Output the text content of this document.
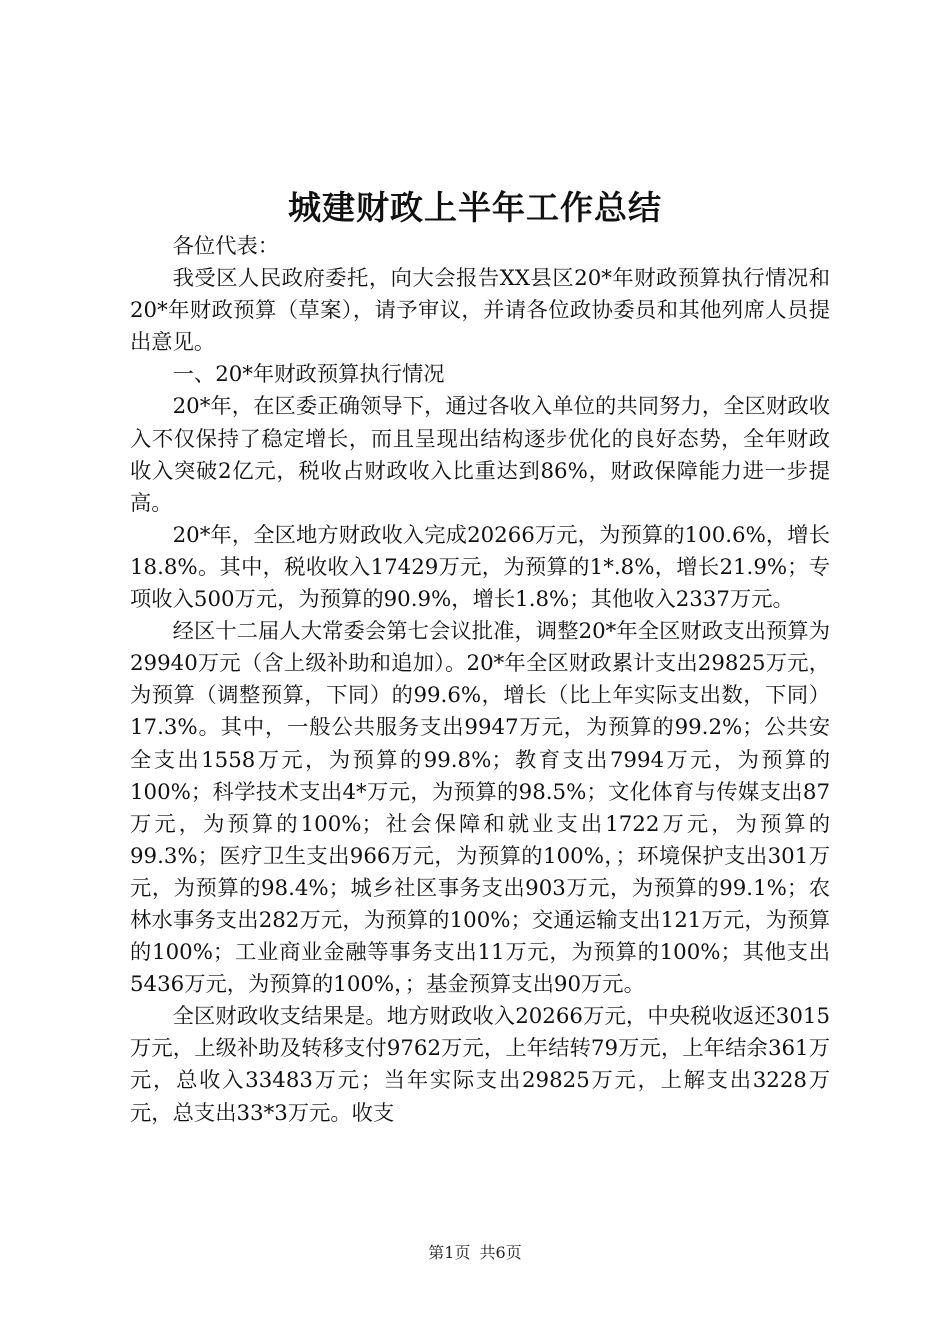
城建财政上半年工作总结

各位代表：

我受区人民政府委托，向大会报告XX县区20*年财政预算执行情况和20*年财政预算（草案），请予审议，并请各位政协委员和其他列席人员提出意见。

一、20*年财政预算执行情况

20*年，在区委正确领导下，通过各收入单位的共同努力，全区财政收入不仅保持了稳定增长，而且呈现出结构逐步优化的良好态势，全年财政收入突破2亿元，税收占财政收入比重达到86%，财政保障能力进一步提高。

20*年，全区地方财政收入完成20266万元，为预算的100.6%，增长18.8%。其中，税收收入17429万元，为预算的1*.8%，增长21.9%；专项收入500万元，为预算的90.9%，增长1.8%；其他收入2337万元。

经区十二届人大常委会第七会议批准，调整20*年全区财政支出预算为29940万元（含上级补助和追加）。20*年全区财政累计支出29825万元，为预算（调整预算，下同）的99.6%，增长（比上年实际支出数，下同）17.3%。其中，一般公共服务支出9947万元，为预算的99.2%；公共安全支出1558万元，为预算的99.8%；教育支出7994万元，为预算的100%；科学技术支出4*万元，为预算的98.5%；文化体育与传媒支出87万元，为预算的100%；社会保障和就业支出1722万元，为预算的99.3%；医疗卫生支出966万元，为预算的100%，；环境保护支出301万元，为预算的98.4%；城乡社区事务支出903万元，为预算的99.1%；农林水事务支出282万元，为预算的100%；交通运输支出121万元，为预算的100%；工业商业金融等事务支出11万元，为预算的100%；其他支出5436万元，为预算的100%，；基金预算支出90万元。

全区财政收支结果是。地方财政收入20266万元，中央税收返还3015万元，上级补助及转移支付9762万元，上年结转79万元，上年结余361万元，总收入33483万元；当年实际支出29825万元，上解支出3228万元，总支出33*3万元。收支

第1页 共6页
